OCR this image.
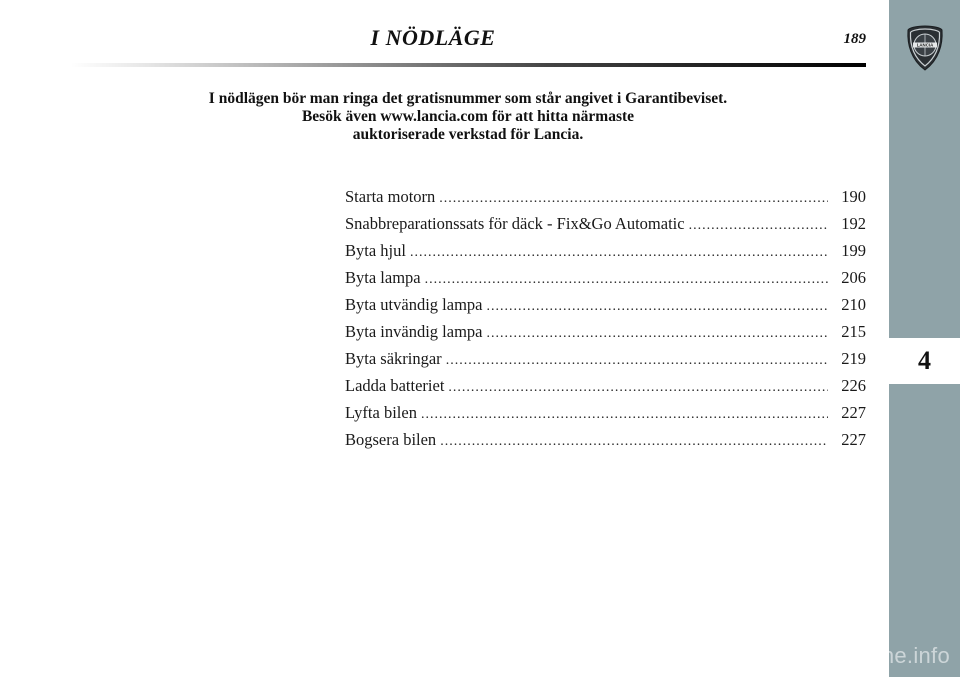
LANCIA
4
I NÖDLÄGE	189
I nödlägen bör man ringa det gratisnummer som står angivet i Garantibeviset.
Besök även www.lancia.com för att hitta närmaste
auktoriserade verkstad för Lancia.
Starta motorn .....	190
Snabbreparationssats för däck - Fix&Go Automatic .....	192
Byta hjul .....	199
Byta lampa .....	206
Byta utvändig lampa .....	210
Byta invändig lampa .....	215
Byta säkringar .....	219
Ladda batteriet .....	226
Lyfta bilen .....	227
Bogsera bilen .....	227
carmanualsonline.info
